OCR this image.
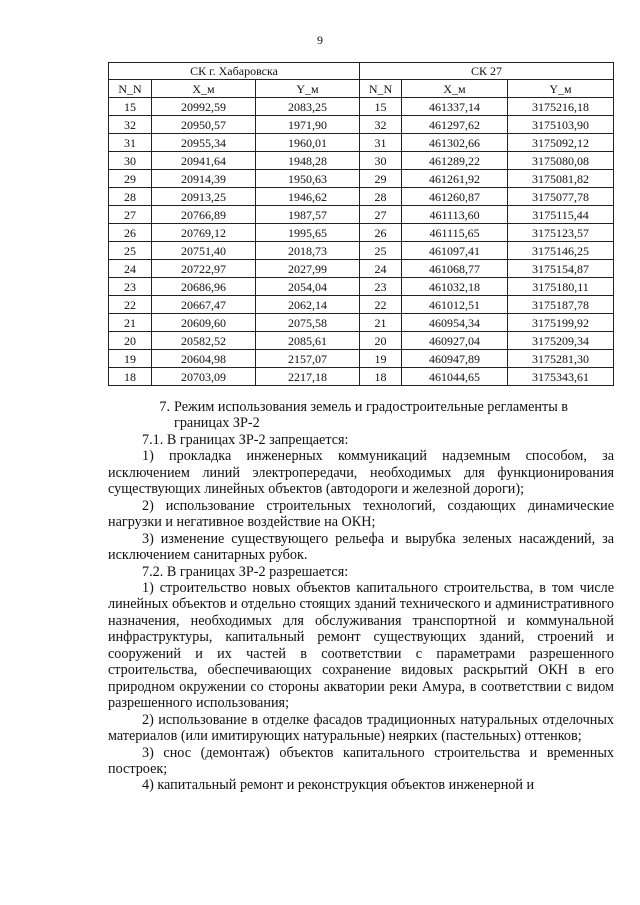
9
СК г. Хабаровска			СК 27		
N_N	X_м	Y_м	N_N	X_м	Y_м
15	20992,59	2083,25	15	461337,14	3175216,18
32	20950,57	1971,90	32	461297,62	3175103,90
31	20955,34	1960,01	31	461302,66	3175092,12
30	20941,64	1948,28	30	461289,22	3175080,08
29	20914,39	1950,63	29	461261,92	3175081,82
28	20913,25	1946,62	28	461260,87	3175077,78
27	20766,89	1987,57	27	461113,60	3175115,44
26	20769,12	1995,65	26	461115,65	3175123,57
25	20751,40	2018,73	25	461097,41	3175146,25
24	20722,97	2027,99	24	461068,77	3175154,87
23	20686,96	2054,04	23	461032,18	3175180,11
22	20667,47	2062,14	22	461012,51	3175187,78
21	20609,60	2075,58	21	460954,34	3175199,92
20	20582,52	2085,61	20	460927,04	3175209,34
19	20604,98	2157,07	19	460947,89	3175281,30
18	20703,09	2217,18	18	461044,65	3175343,61
7. Режим использования земель и градостроительные регламенты в границах ЗР-2

7.1. В границах ЗР-2 запрещается:

1) прокладка инженерных коммуникаций надземным способом, за исключением линий электропередачи, необходимых для функционирования существующих линейных объектов (автодороги и железной дороги);

2) использование строительных технологий, создающих динамические нагрузки и негативное воздействие на ОКН;

3) изменение существующего рельефа и вырубка зеленых насаждений, за исключением санитарных рубок.

7.2. В границах ЗР-2 разрешается:

1) строительство новых объектов капитального строительства, в том числе линейных объектов и отдельно стоящих зданий технического и административного назначения, необходимых для обслуживания транспортной и коммунальной инфраструктуры, капитальный ремонт существующих зданий, строений и сооружений и их частей в соответствии с параметрами разрешенного строительства, обеспечивающих сохранение видовых раскрытий ОКН в его природном окружении со стороны акватории реки Амура, в соответствии с видом разрешенного использования;

2) использование в отделке фасадов традиционных натуральных отделочных материалов (или имитирующих натуральные) неярких (пастельных) оттенков;

3) снос (демонтаж) объектов капитального строительства и временных построек;

4) капитальный ремонт и реконструкция объектов инженерной и
